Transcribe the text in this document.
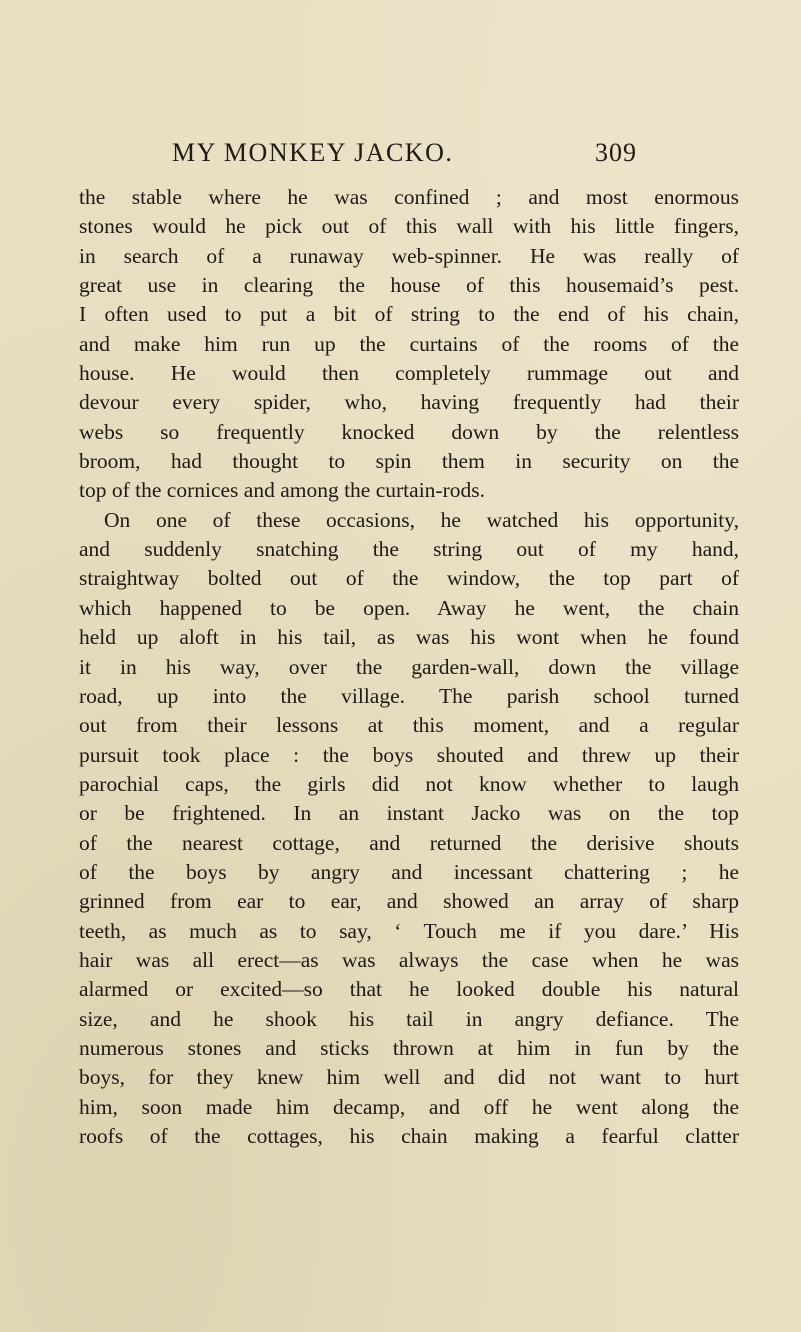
MY MONKEY JACKO.	309
the stable where he was confined ; and most enormous
stones would he pick out of this wall with his little fingers,
in search of a runaway web-spinner. He was really of
great use in clearing the house of this housemaid’s pest.
I often used to put a bit of string to the end of his chain,
and make him run up the curtains of the rooms of the
house. He would then completely rummage out and
devour every spider, who, having frequently had their
webs so frequently knocked down by the relentless
broom, had thought to spin them in security on the
top of the cornices and among the curtain-rods.
On one of these occasions, he watched his opportunity,
and suddenly snatching the string out of my hand,
straightway bolted out of the window, the top part of
which happened to be open. Away he went, the chain
held up aloft in his tail, as was his wont when he found
it in his way, over the garden-wall, down the village
road, up into the village. The parish school turned
out from their lessons at this moment, and a regular
pursuit took place : the boys shouted and threw up their
parochial caps, the girls did not know whether to laugh
or be frightened. In an instant Jacko was on the top
of the nearest cottage, and returned the derisive shouts
of the boys by angry and incessant chattering ; he
grinned from ear to ear, and showed an array of sharp
teeth, as much as to say, ‘ Touch me if you dare.’ His
hair was all erect—as was always the case when he was
alarmed or excited—so that he looked double his natural
size, and he shook his tail in angry defiance. The
numerous stones and sticks thrown at him in fun by the
boys, for they knew him well and did not want to hurt
him, soon made him decamp, and off he went along the
roofs of the cottages, his chain making a fearful clatter
